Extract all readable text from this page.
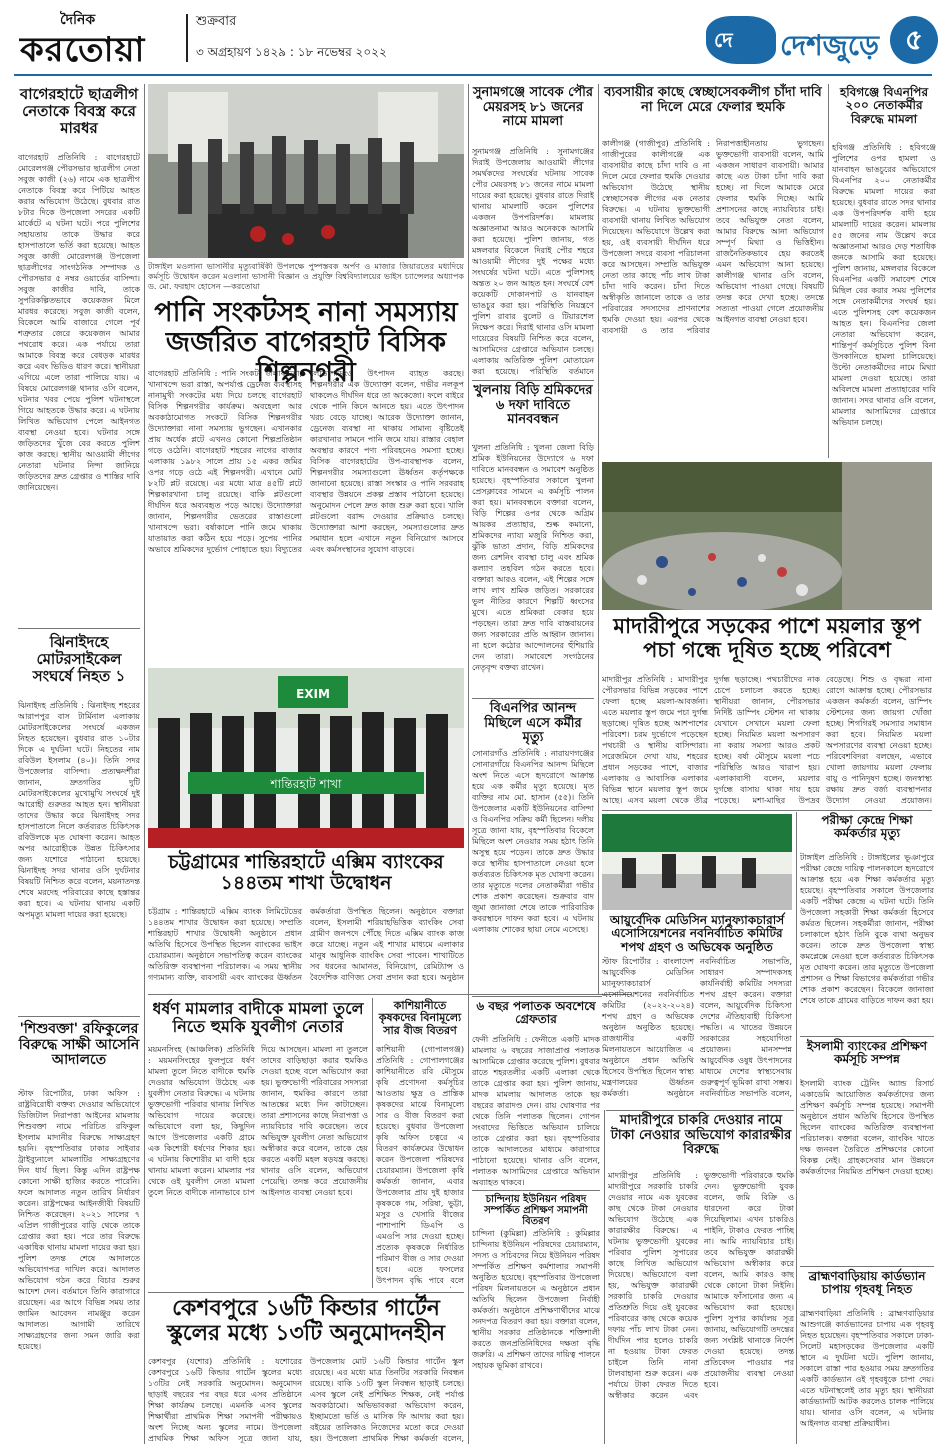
দৈনিক
করতোয়া
শুক্রবার
৩ অগ্রহায়ণ ১৪২৯ : ১৮ নভেম্বর ২০২২	দে দেশজুড়ে ৫
বাগেরহাটে ছাত্রলীগ নেতাকে বিবস্ত্র করে মারধর
বাগেরহাট প্রতিনিধি : বাগেরহাটে মোরেলগঞ্জ পৌরসভার ছাত্রলীগ নেতা সবুজ কাজী (২৬) নামে এক ছাত্রলীগ নেতাকে বিবস্ত্র করে পিটিয়ে আহত করার অভিযোগ উঠেছে। বুধবার রাত ৮টার দিকে উপজেলা সদরের একটি মার্কেটে এ ঘটনা ঘটে। পরে পুলিশের সহায়তায় তাকে উদ্ধার করে হাসপাতালে ভর্তি করা হয়েছে। আহত সবুজ কাজী মোরেলগঞ্জ উপজেলা ছাত্রলীগের সাংগঠনিক সম্পাদক ও পৌরসভার ৫ নম্বর ওয়ার্ডের বাসিন্দা। সবুজ কাজীর দাবি, তাকে সুপরিকল্পিতভাবে কয়েকজন মিলে মারধর করেছে। সবুজ কাজী বলেন, বিকেলে আমি বাজারে গেলে পূর্ব শত্রুতার জেরে কয়েকজন আমার পথরোধ করে। এক পর্যায়ে তারা আমাকে বিবস্ত্র করে বেধড়ক মারধর করে এবং ভিডিও ধারণ করে। স্থানীয়রা এগিয়ে এলে তারা পালিয়ে যায়। এ বিষয়ে মোরেলগঞ্জ থানার ওসি বলেন, ঘটনার খবর পেয়ে পুলিশ ঘটনাস্থলে গিয়ে আহতকে উদ্ধার করে। এ ঘটনায় লিখিত অভিযোগ পেলে আইনগত ব্যবস্থা নেওয়া হবে। ঘটনার সঙ্গে জড়িতদের খুঁজে বের করতে পুলিশ কাজ করছে। স্থানীয় আওয়ামী লীগের নেতারা ঘটনার নিন্দা জানিয়ে জড়িতদের দ্রুত গ্রেপ্তার ও শাস্তির দাবি জানিয়েছেন।
ঝিনাইদহে মোটরসাইকেল সংঘর্ষে নিহত ১
ঝিনাইদহ প্রতিনিধি : ঝিনাইদহ শহরের আরাপপুর বাস টার্মিনাল এলাকায় মোটরসাইকেলের সংঘর্ষে একজন নিহত হয়েছেন। বুধবার রাত ১০টার দিকে এ দুর্ঘটনা ঘটে। নিহতের নাম রবিউল ইসলাম (৪০)। তিনি সদর উপজেলার বাসিন্দা। প্রত্যক্ষদর্শীরা জানান, দ্রুতগতির দুটি মোটরসাইকেলের মুখোমুখি সংঘর্ষে দুই আরোহী গুরুতর আহত হন। স্থানীয়রা তাদের উদ্ধার করে ঝিনাইদহ সদর হাসপাতালে নিলে কর্তব্যরত চিকিৎসক রবিউলকে মৃত ঘোষণা করেন। আহত অপর আরোহীকে উন্নত চিকিৎসার জন্য যশোরে পাঠানো হয়েছে। ঝিনাইদহ সদর থানার ওসি দুর্ঘটনার বিষয়টি নিশ্চিত করে বলেন, ময়নাতদন্ত শেষে মরদেহ পরিবারের কাছে হস্তান্তর করা হবে। এ ঘটনায় থানায় একটি অপমৃত্যু মামলা দায়ের করা হয়েছে।
'শিশুবক্তা' রফিকুলের বিরুদ্ধে সাক্ষী আসেনি আদালতে
স্টাফ রিপোর্টার, ঢাকা অফিস : রাষ্ট্রবিরোধী বক্তব্য দেওয়ার অভিযোগে ডিজিটাল নিরাপত্তা আইনের মামলায় শিশুবক্তা নামে পরিচিত রফিকুল ইসলাম মাদানীর বিরুদ্ধে সাক্ষ্যগ্রহণ হয়নি। বৃহস্পতিবার ঢাকার সাইবার ট্রাইব্যুনালে মামলাটির সাক্ষ্যগ্রহণের দিন ধার্য ছিল। কিন্তু এদিন রাষ্ট্রপক্ষ কোনো সাক্ষী হাজির করতে পারেনি। ফলে আদালত নতুন তারিখ নির্ধারণ করেন। রাষ্ট্রপক্ষের আইনজীবী বিষয়টি নিশ্চিত করেছেন। ২০২১ সালের ৭ এপ্রিল গাজীপুরের বাড়ি থেকে তাকে গ্রেপ্তার করা হয়। পরে তার বিরুদ্ধে একাধিক থানায় মামলা দায়ের করা হয়। পুলিশ তদন্ত শেষে আদালতে অভিযোগপত্র দাখিল করে। আদালত অভিযোগ গঠন করে বিচার শুরুর আদেশ দেন। বর্তমানে তিনি কারাগারে রয়েছেন। এর আগে বিভিন্ন সময় তার জামিন আবেদন নামঞ্জুর করেন আদালত। আগামী তারিখে সাক্ষ্যগ্রহণের জন্য সমন জারি করা হয়েছে।
টাঙ্গাইল মওলানা ভাসানীর মৃত্যুবার্ষিকী উপলক্ষে পুষ্পস্তবক অর্পণ ও মাজার জিয়ারতের মধ্যদিয়ে কর্মসূচি উদ্বোধন করেন মওলানা ভাসানী বিজ্ঞান ও প্রযুক্তি বিশ্ববিদ্যালয়ের ভাইস চ্যান্সেলর অধ্যাপক ড. মো. ফরহাদ হোসেন —করতোয়া
পানি সংকটসহ নানা সমস্যায় জর্জরিত বাগেরহাট বিসিক শিল্পনগরী
বাগেরহাট প্রতিনিধি : পানি সংকট, জলাবদ্ধতা, খানাখন্দে ভরা রাস্তা, অপর্যাপ্ত ড্রেনেজ ব্যবস্থাসহ নানামুখী সংকটের মধ্য দিয়ে চলছে বাগেরহাট বিসিক শিল্পনগরীর কার্যক্রম। অবহেলা আর অবকাঠামোগত সংকটে বিসিক শিল্পনগরীর উদ্যোক্তারা নানা সমস্যায় ভুগছেন। এখানকার প্রায় অর্ধেক প্লটে এখনও কোনো শিল্পপ্রতিষ্ঠান গড়ে ওঠেনি। বাগেরহাট শহরের নাগের বাজার এলাকায় ১৯৮২ সালে প্রায় ১৫ একর জমির ওপর গড়ে ওঠে এই শিল্পনগরী। এখানে মোট ৮২টি প্লট রয়েছে। এর মধ্যে মাত্র ৪৫টি প্লটে শিল্পকারখানা চালু রয়েছে। বাকি প্লটগুলো দীর্ঘদিন ধরে অব্যবহৃত পড়ে আছে। উদ্যোক্তারা জানান, শিল্পনগরীর ভেতরের রাস্তাগুলো খানাখন্দে ভরা। বর্ষাকালে পানি জমে থাকায় যাতায়াত করা কঠিন হয়ে পড়ে। সুপেয় পানির অভাবে শ্রমিকদের দুর্ভোগ পোহাতে হয়। বিদ্যুতের লোডশেডিংও উৎপাদন ব্যাহত করছে। শিল্পনগরীর এক উদ্যোক্তা বলেন, গভীর নলকূপ থাকলেও দীর্ঘদিন ধরে তা অকেজো। ফলে বাইরে থেকে পানি কিনে আনতে হয়। এতে উৎপাদন খরচ বেড়ে যাচ্ছে। আরেক উদ্যোক্তা জানান, ড্রেনেজ ব্যবস্থা না থাকায় সামান্য বৃষ্টিতেই কারখানার সামনে পানি জমে যায়। রাস্তার বেহাল অবস্থার কারণে পণ্য পরিবহনেও সমস্যা হচ্ছে। বিসিক বাগেরহাটের উপ-ব্যবস্থাপক বলেন, শিল্পনগরীর সমস্যাগুলো ঊর্ধ্বতন কর্তৃপক্ষকে জানানো হয়েছে। রাস্তা সংস্কার ও পানি সরবরাহ ব্যবস্থার উন্নয়নে প্রকল্প প্রস্তাব পাঠানো হয়েছে। অনুমোদন পেলে দ্রুত কাজ শুরু করা হবে। খালি প্লটগুলো বরাদ্দ দেওয়ার প্রক্রিয়াও চলছে। উদ্যোক্তারা আশা করছেন, সমস্যাগুলোর দ্রুত সমাধান হলে এখানে নতুন বিনিয়োগ আসবে এবং কর্মসংস্থানের সুযোগ বাড়বে।
EXIM
শান্তিরহাট শাখা
চট্টগ্রামের শান্তিরহাটে এক্সিম ব্যাংকের ১৪৪তম শাখা উদ্বোধন
চট্টগ্রাম : শান্তিরহাটে এক্সিম ব্যাংক লিমিটেডের ১৪৪তম শাখার উদ্বোধন করা হয়েছে। সম্প্রতি শান্তিরহাট শাখার উদ্বোধনী অনুষ্ঠানে প্রধান অতিথি হিসেবে উপস্থিত ছিলেন ব্যাংকের ভাইস চেয়ারম্যান। অনুষ্ঠানে সভাপতিত্ব করেন ব্যাংকের অতিরিক্ত ব্যবস্থাপনা পরিচালক। এ সময় স্থানীয় গণ্যমান্য ব্যক্তি, ব্যবসায়ী এবং ব্যাংকের ঊর্ধ্বতন কর্মকর্তারা উপস্থিত ছিলেন। অনুষ্ঠানে বক্তারা বলেন, ইসলামী শরিয়াহভিত্তিক ব্যাংকিং সেবা গ্রামীণ জনপদে পৌঁছে দিতে এক্সিম ব্যাংক কাজ করে যাচ্ছে। নতুন এই শাখার মাধ্যমে এলাকার মানুষ আধুনিক ব্যাংকিং সেবা পাবেন। শাখাটিতে সব ধরনের আমানত, বিনিয়োগ, রেমিট্যান্স ও বৈদেশিক বাণিজ্য সেবা প্রদান করা হবে। অনুষ্ঠান
ধর্ষণ মামলার বাদীকে মামলা তুলে নিতে হুমকি যুবলীগ নেতার
ময়মনসিংহ (আঞ্চলিক) প্রতিনিধি : ময়মনসিংহের ফুলপুরে ধর্ষণ মামলা তুলে নিতে বাদীকে হুমকি দেওয়ার অভিযোগ উঠেছে এক যুবলীগ নেতার বিরুদ্ধে। এ ঘটনায় ভুক্তভোগী পরিবার থানায় লিখিত অভিযোগ দায়ের করেছে। অভিযোগে বলা হয়, কিছুদিন আগে উপজেলার একটি গ্রামে এক কিশোরী ধর্ষণের শিকার হয়। এ ঘটনায় কিশোরীর মা বাদী হয়ে থানায় মামলা করেন। মামলার পর থেকে ওই যুবলীগ নেতা মামলা তুলে নিতে বাদীকে নানাভাবে চাপ দিয়ে আসছেন। মামলা না তুললে তাদের বাড়িছাড়া করার হুমকিও দেওয়া হচ্ছে বলে অভিযোগ করা হয়। ভুক্তভোগী পরিবারের সদস্যরা জানান, হুমকির কারণে তারা আতঙ্কের মধ্যে দিন কাটাচ্ছেন। তারা প্রশাসনের কাছে নিরাপত্তা ও ন্যায়বিচার দাবি করেছেন। তবে অভিযুক্ত যুবলীগ নেতা অভিযোগ অস্বীকার করে বলেন, তাকে হেয় করতে একটি মহল ষড়যন্ত্র করছে। থানার ওসি বলেন, অভিযোগ পেয়েছি। তদন্ত করে প্রয়োজনীয় আইনগত ব্যবস্থা নেওয়া হবে।
কাশিয়ানীতে কৃষকদের বিনামূল্যে সার বীজ বিতরণ
কাশিয়ানী (গোপালগঞ্জ) প্রতিনিধি : গোপালগঞ্জের কাশিয়ানীতে রবি মৌসুমে কৃষি প্রণোদনা কর্মসূচির আওতায় ক্ষুদ্র ও প্রান্তিক কৃষকদের মাঝে বিনামূল্যে সার ও বীজ বিতরণ করা হয়েছে। বুধবার উপজেলা কৃষি অফিস চত্বরে এ বিতরণ কার্যক্রমের উদ্বোধন করেন উপজেলা পরিষদের চেয়ারম্যান। উপজেলা কৃষি কর্মকর্তা জানান, এবার উপজেলার প্রায় দুই হাজার কৃষককে গম, সরিষা, ভুট্টা, মসুর ও খেসারি বীজের পাশাপাশি ডিএপি ও এমওপি সার দেওয়া হচ্ছে। প্রত্যেক কৃষককে নির্ধারিত পরিমাণ বীজ ও সার দেওয়া হবে। এতে ফসলের উৎপাদন বৃদ্ধি পাবে বলে
কেশবপুরে ১৬টি কিন্ডার গার্টেন স্কুলের মধ্যে ১৩টি অনুমোদনহীন
কেশবপুর (যশোর) প্রতিনিধি : যশোরের কেশবপুরে ১৬টি কিন্ডার গার্টেন স্কুলের মধ্যে ১৩টির নেই সরকারি অনুমোদন। অনুমোদন ছাড়াই বছরের পর বছর ধরে এসব প্রতিষ্ঠানে শিক্ষা কার্যক্রম চলছে। এমনকি এসব স্কুলের শিক্ষার্থীরা প্রাথমিক শিক্ষা সমাপনী পরীক্ষায়ও অংশ নিচ্ছে অন্য স্কুলের নামে। উপজেলা প্রাথমিক শিক্ষা অফিস সূত্রে জানা যায়, উপজেলায় মোট ১৬টি কিন্ডার গার্টেন স্কুল রয়েছে। এর মধ্যে মাত্র তিনটির সরকারি নিবন্ধন রয়েছে। বাকি ১৩টি স্কুল নিবন্ধন ছাড়াই চলছে। এসব স্কুলে নেই প্রশিক্ষিত শিক্ষক, নেই পর্যাপ্ত অবকাঠামো। অভিভাবকরা অভিযোগ করেন, ইচ্ছামতো ভর্তি ও মাসিক ফি আদায় করা হয়। বইয়ের তালিকাও নিজেদের মতো করে দেওয়া হয়। উপজেলা প্রাথমিক শিক্ষা কর্মকর্তা বলেন,
সুনামগঞ্জে সাবেক পৌর মেয়রসহ ৮১ জনের নামে মামলা
সুনামগঞ্জ প্রতিনিধি : সুনামগঞ্জের দিরাই উপজেলায় আওয়ামী লীগের সমর্থকদের সংঘর্ষের ঘটনায় সাবেক পৌর মেয়রসহ ৮১ জনের নামে মামলা দায়ের করা হয়েছে। বুধবার রাতে দিরাই থানায় মামলাটি করেন পুলিশের একজন উপপরিদর্শক। মামলায় অজ্ঞাতনামা আরও অনেককে আসামি করা হয়েছে। পুলিশ জানায়, গত মঙ্গলবার বিকেলে দিরাই পৌর শহরে আওয়ামী লীগের দুই পক্ষের মধ্যে সংঘর্ষের ঘটনা ঘটে। এতে পুলিশসহ অন্তত ২০ জন আহত হন। সংঘর্ষে বেশ কয়েকটি দোকানপাট ও যানবাহন ভাঙচুর করা হয়। পরিস্থিতি নিয়ন্ত্রণে পুলিশ রাবার বুলেট ও টিয়ারশেল নিক্ষেপ করে। দিরাই থানার ওসি মামলা দায়েরের বিষয়টি নিশ্চিত করে বলেন, আসামিদের গ্রেপ্তারে অভিযান চলছে। এলাকায় অতিরিক্ত পুলিশ মোতায়েন করা হয়েছে। পরিস্থিতি বর্তমানে
খুলনায় বিড়ি শ্রমিকদের ৬ দফা দাবিতে মানববন্ধন
খুলনা প্রতিনিধি : খুলনা জেলা বিড়ি শ্রমিক ইউনিয়নের উদ্যোগে ৬ দফা দাবিতে মানববন্ধন ও সমাবেশ অনুষ্ঠিত হয়েছে। বৃহস্পতিবার সকালে খুলনা প্রেসক্লাবের সামনে এ কর্মসূচি পালন করা হয়। মানববন্ধনে বক্তারা বলেন, বিড়ি শিল্পের ওপর থেকে অগ্রিম আয়কর প্রত্যাহার, শুল্ক কমানো, শ্রমিকদের ন্যায্য মজুরি নিশ্চিত করা, ঝুঁকি ভাতা প্রদান, বিড়ি শ্রমিকদের জন্য রেশনিং ব্যবস্থা চালু এবং শ্রমিক কল্যাণ তহবিল গঠন করতে হবে। বক্তারা আরও বলেন, এই শিল্পের সঙ্গে লাখ লাখ শ্রমিক জড়িত। সরকারের ভুল নীতির কারণে শিল্পটি ধ্বংসের মুখে। এতে শ্রমিকরা বেকার হয়ে পড়ছেন। তারা দ্রুত দাবি বাস্তবায়নের জন্য সরকারের প্রতি আহ্বান জানান। না হলে কঠোর আন্দোলনের হুঁশিয়ারি দেন তারা। সমাবেশে সংগঠনের নেতৃবৃন্দ বক্তব্য রাখেন।
বিএনপির আনন্দ মিছিলে এসে কর্মীর মৃত্যু
সোনারগাঁও প্রতিনিধি : নারায়ণগঞ্জের সোনারগাঁয়ে বিএনপির আনন্দ মিছিলে অংশ নিতে এসে হৃদরোগে আক্রান্ত হয়ে এক কর্মীর মৃত্যু হয়েছে। মৃত ব্যক্তির নাম মো. হাসান (৫৫)। তিনি উপজেলার একটি ইউনিয়নের বাসিন্দা ও বিএনপির সক্রিয় কর্মী ছিলেন। দলীয় সূত্রে জানা যায়, বৃহস্পতিবার বিকেলে মিছিলে অংশ নেওয়ার সময় হঠাৎ তিনি অসুস্থ হয়ে পড়েন। তাকে দ্রুত উদ্ধার করে স্থানীয় হাসপাতালে নেওয়া হলে কর্তব্যরত চিকিৎসক মৃত ঘোষণা করেন। তার মৃত্যুতে দলের নেতাকর্মীরা গভীর শোক প্রকাশ করেছেন। শুক্রবার বাদ জুমা জানাজা শেষে তাকে পারিবারিক কবরস্থানে দাফন করা হবে। এ ঘটনায় এলাকায় শোকের ছায়া নেমে এসেছে।
ব্যবসায়ীর কাছে স্বেচ্ছাসেবকলীগ চাঁদা দাবি না দিলে মেরে ফেলার হুমকি
কালীগঞ্জ (গাজীপুর) প্রতিনিধি : গাজীপুরের কালীগঞ্জে এক ব্যবসায়ীর কাছে চাঁদা দাবি ও না দিলে মেরে ফেলার হুমকি দেওয়ার অভিযোগ উঠেছে স্থানীয় স্বেচ্ছাসেবক লীগের এক নেতার বিরুদ্ধে। এ ঘটনায় ভুক্তভোগী ব্যবসায়ী থানায় লিখিত অভিযোগ দিয়েছেন। অভিযোগে উল্লেখ করা হয়, ওই ব্যবসায়ী দীর্ঘদিন ধরে উপজেলা সদরে ব্যবসা পরিচালনা করে আসছেন। সম্প্রতি অভিযুক্ত নেতা তার কাছে পাঁচ লাখ টাকা চাঁদা দাবি করেন। চাঁদা দিতে অস্বীকৃতি জানালে তাকে ও তার পরিবারের সদস্যদের প্রাণনাশের হুমকি দেওয়া হয়। এরপর থেকে ব্যবসায়ী ও তার পরিবার নিরাপত্তাহীনতায় ভুগছেন। ভুক্তভোগী ব্যবসায়ী বলেন, আমি একজন সাধারণ ব্যবসায়ী। আমার কাছে এত টাকা চাঁদা দাবি করা হচ্ছে। না দিলে আমাকে মেরে ফেলার হুমকি দিচ্ছে। আমি প্রশাসনের কাছে ন্যায়বিচার চাই। তবে অভিযুক্ত নেতা বলেন, আমার বিরুদ্ধে আনা অভিযোগ সম্পূর্ণ মিথ্যা ও ভিত্তিহীন। রাজনৈতিকভাবে হেয় করতেই এমন অভিযোগ আনা হয়েছে। কালীগঞ্জ থানার ওসি বলেন, অভিযোগ পাওয়া গেছে। বিষয়টি তদন্ত করে দেখা হচ্ছে। তদন্তে সত্যতা পাওয়া গেলে প্রয়োজনীয় আইনগত ব্যবস্থা নেওয়া হবে।
মাদারীপুরে সড়কের পাশে ময়লার স্তূপ পচা গন্ধে দূষিত হচ্ছে পরিবেশ
মাদারীপুর প্রতিনিধি : মাদারীপুর পৌরসভার বিভিন্ন সড়কের পাশে ফেলা হচ্ছে ময়লা-আবর্জনা। এতে ময়লার স্তূপ জমে পচা দুর্গন্ধ ছড়াচ্ছে। দূষিত হচ্ছে আশপাশের পরিবেশ। চরম দুর্ভোগে পড়েছেন পথচারী ও স্থানীয় বাসিন্দারা। সরেজমিনে দেখা যায়, শহরের প্রধান সড়কের পাশে, বাজার এলাকায় ও আবাসিক এলাকার বিভিন্ন স্থানে ময়লার স্তূপ জমে আছে। এসব ময়লা থেকে তীব্র দুর্গন্ধ ছড়াচ্ছে। পথচারীদের নাক চেপে চলাচল করতে হচ্ছে। স্থানীয়রা জানান, পৌরসভার নির্দিষ্ট ডাম্পিং স্টেশন না থাকায় যেখানে সেখানে ময়লা ফেলা হচ্ছে। নিয়মিত ময়লা অপসারণ না করায় সমস্যা আরও প্রকট হচ্ছে। বর্ষা মৌসুমে ময়লা পচে পরিস্থিতি আরও খারাপ হয়। এলাকাবাসী বলেন, ময়লার দুর্গন্ধে বাসায় থাকা দায় হয়ে পড়েছে। মশা-মাছির উপদ্রব বেড়েছে। শিশু ও বৃদ্ধরা নানা রোগে আক্রান্ত হচ্ছে। পৌরসভার একজন কর্মকর্তা বলেন, ডাম্পিং স্টেশনের জন্য জায়গা খোঁজা হচ্ছে। শিগগিরই সমস্যার সমাধান করা হবে। নিয়মিত ময়লা অপসারণের ব্যবস্থা নেওয়া হচ্ছে। পরিবেশবিদরা বলছেন, এভাবে খোলা জায়গায় ময়লা ফেলায় বায়ু ও পানিদূষণ হচ্ছে। জনস্বাস্থ্য রক্ষায় দ্রুত বর্জ্য ব্যবস্থাপনার উদ্যোগ নেওয়া প্রয়োজন।
হবিগঞ্জে বিএনপির ২০০ নেতাকর্মীর বিরুদ্ধে মামলা
হবিগঞ্জ প্রতিনিধি : হবিগঞ্জে পুলিশের ওপর হামলা ও যানবাহন ভাঙচুরের অভিযোগে বিএনপির ২০০ নেতাকর্মীর বিরুদ্ধে মামলা দায়ের করা হয়েছে। বুধবার রাতে সদর থানার এক উপপরিদর্শক বাদী হয়ে মামলাটি দায়ের করেন। মামলায় ৫৫ জনের নাম উল্লেখ করে অজ্ঞাতনামা আরও দেড় শতাধিক জনকে আসামি করা হয়েছে। পুলিশ জানায়, মঙ্গলবার বিকেলে বিএনপির একটি সমাবেশ শেষে মিছিল বের করার সময় পুলিশের সঙ্গে নেতাকর্মীদের সংঘর্ষ হয়। এতে পুলিশসহ বেশ কয়েকজন আহত হন। বিএনপির জেলা নেতারা অভিযোগ করেন, শান্তিপূর্ণ কর্মসূচিতে পুলিশ বিনা উসকানিতে হামলা চালিয়েছে। উল্টো নেতাকর্মীদের নামে মিথ্যা মামলা দেওয়া হয়েছে। তারা অবিলম্বে মামলা প্রত্যাহারের দাবি জানান। সদর থানার ওসি বলেন, মামলার আসামিদের গ্রেপ্তারে অভিযান চলছে।
আয়ুর্বেদিক মেডিসিন ম্যানুফ্যাকচারার্স এসোসিয়েশনের নবনির্বাচিত কমিটির শপথ গ্রহণ ও অভিষেক অনুষ্ঠিত
স্টাফ রিপোর্টার : বাংলাদেশ আয়ুর্বেদিক মেডিসিন ম্যানুফ্যাকচারার্স এসোসিয়েশনের নবনির্বাচিত কমিটির (২০২২-২০২৪) শপথ গ্রহণ ও অভিষেক অনুষ্ঠান অনুষ্ঠিত হয়েছে। রাজধানীর একটি মিলনায়তনে আয়োজিত এ অনুষ্ঠানে প্রধান অতিথি হিসেবে উপস্থিত ছিলেন স্বাস্থ্য মন্ত্রণালয়ের ঊর্ধ্বতন কর্মকর্তা। অনুষ্ঠানে নবনির্বাচিত সভাপতি, সাধারণ সম্পাদকসহ কার্যনির্বাহী কমিটির সদস্যরা শপথ গ্রহণ করেন। বক্তারা বলেন, আয়ুর্বেদিক চিকিৎসা দেশের ঐতিহ্যবাহী চিকিৎসা পদ্ধতি। এ খাতের উন্নয়নে সরকারের সহযোগিতা প্রয়োজন। মানসম্পন্ন আয়ুর্বেদিক ওষুধ উৎপাদনের মাধ্যমে দেশের স্বাস্থ্যসেবায় গুরুত্বপূর্ণ ভূমিকা রাখা সম্ভব। নবনির্বাচিত সভাপতি বলেন,
৬ বছর পলাতক অবশেষে গ্রেফতার
ফেনী প্রতিনিধি : ফেনীতে একটি মাদক মামলায় ৬ বছরের সাজাপ্রাপ্ত পলাতক আসামিকে গ্রেপ্তার করেছে পুলিশ। বুধবার রাতে শহরতলীর একটি এলাকা থেকে তাকে গ্রেপ্তার করা হয়। পুলিশ জানায়, মাদক মামলায় আদালত তাকে ছয় বছরের কারাদণ্ড দেন। রায় ঘোষণার পর থেকে তিনি পলাতক ছিলেন। গোপন সংবাদের ভিত্তিতে অভিযান চালিয়ে তাকে গ্রেপ্তার করা হয়। বৃহস্পতিবার তাকে আদালতের মাধ্যমে কারাগারে পাঠানো হয়েছে। থানার ওসি বলেন, পলাতক আসামিদের গ্রেপ্তারে অভিযান অব্যাহত থাকবে।
চান্দিনায় ইউনিয়ন পরিষদ সম্পর্কিত প্রশিক্ষণ সমাপনী বিতরণ
চান্দিনা (কুমিল্লা) প্রতিনিধি : কুমিল্লার চান্দিনায় ইউনিয়ন পরিষদের চেয়ারম্যান, সদস্য ও সচিবদের নিয়ে ইউনিয়ন পরিষদ সম্পর্কিত প্রশিক্ষণ কর্মশালার সমাপনী অনুষ্ঠিত হয়েছে। বৃহস্পতিবার উপজেলা পরিষদ মিলনায়তনে এ অনুষ্ঠানে প্রধান অতিথি ছিলেন উপজেলা নির্বাহী কর্মকর্তা। অনুষ্ঠানে প্রশিক্ষণার্থীদের মাঝে সনদপত্র বিতরণ করা হয়। বক্তারা বলেন, স্থানীয় সরকার প্রতিষ্ঠানকে শক্তিশালী করতে জনপ্রতিনিধিদের দক্ষতা বৃদ্ধি জরুরি। এ প্রশিক্ষণ তাদের দায়িত্ব পালনে সহায়ক ভূমিকা রাখবে।
মাদারীপুরে চাকরি দেওয়ার নামে টাকা নেওয়ার অভিযোগ কারারক্ষীর বিরুদ্ধে
মাদারীপুর প্রতিনিধি : মাদারীপুরে সরকারি চাকরি দেওয়ার নামে এক যুবকের কাছ থেকে টাকা নেওয়ার অভিযোগ উঠেছে এক কারারক্ষীর বিরুদ্ধে। এ ঘটনায় ভুক্তভোগী যুবকের পরিবার পুলিশ সুপারের কাছে লিখিত অভিযোগ দিয়েছে। অভিযোগে বলা হয়, অভিযুক্ত কারারক্ষী সরকারি চাকরি দেওয়ার প্রতিশ্রুতি দিয়ে ওই যুবকের পরিবারের কাছ থেকে কয়েক দফায় পাঁচ লাখ টাকা নেন। দীর্ঘদিন পার হলেও চাকরি না হওয়ায় টাকা ফেরত চাইলে তিনি নানা টালবাহানা শুরু করেন। এক পর্যায়ে টাকা ফেরত দিতে অস্বীকার করেন এবং ভুক্তভোগী পরিবারকে হুমকি দেন। ভুক্তভোগী যুবক বলেন, জমি বিক্রি ও ধারদেনা করে টাকা দিয়েছিলাম। এখন চাকরিও পাইনি, টাকাও ফেরত পাচ্ছি না। আমি ন্যায়বিচার চাই। তবে অভিযুক্ত কারারক্ষী অভিযোগ অস্বীকার করে বলেন, আমি কারও কাছ থেকে কোনো টাকা নিইনি। আমাকে ফাঁসানোর জন্য এ অভিযোগ করা হয়েছে। পুলিশ সুপার কার্যালয় সূত্র জানায়, অভিযোগটি তদন্তের জন্য সংশ্লিষ্ট থানাকে নির্দেশ দেওয়া হয়েছে। তদন্ত প্রতিবেদন পাওয়ার পর প্রয়োজনীয় ব্যবস্থা নেওয়া হবে।
পরীক্ষা কেন্দ্রে শিক্ষা কর্মকর্তার মৃত্যু
টাঙ্গাইল প্রতিনিধি : টাঙ্গাইলের ভূঞাপুরে পরীক্ষা কেন্দ্রে দায়িত্ব পালনকালে হৃদরোগে আক্রান্ত হয়ে এক শিক্ষা কর্মকর্তার মৃত্যু হয়েছে। বৃহস্পতিবার সকালে উপজেলার একটি পরীক্ষা কেন্দ্রে এ ঘটনা ঘটে। তিনি উপজেলা সহকারী শিক্ষা কর্মকর্তা হিসেবে কর্মরত ছিলেন। সহকর্মীরা জানান, পরীক্ষা চলাকালে হঠাৎ তিনি বুকে ব্যথা অনুভব করেন। তাকে দ্রুত উপজেলা স্বাস্থ্য কমপ্লেক্সে নেওয়া হলে কর্তব্যরত চিকিৎসক মৃত ঘোষণা করেন। তার মৃত্যুতে উপজেলা প্রশাসন ও শিক্ষা বিভাগের কর্মকর্তারা গভীর শোক প্রকাশ করেছেন। বিকেলে জানাজা শেষে তাকে গ্রামের বাড়িতে দাফন করা হয়।
ইসলামী ব্যাংকের প্রশিক্ষণ কর্মসূচি সম্পন্ন
ইসলামী ব্যাংক ট্রেনিং অ্যান্ড রিসার্চ একাডেমি আয়োজিত কর্মকর্তাদের জন্য প্রশিক্ষণ কর্মসূচি সম্পন্ন হয়েছে। সমাপনী অনুষ্ঠানে প্রধান অতিথি হিসেবে উপস্থিত ছিলেন ব্যাংকের অতিরিক্ত ব্যবস্থাপনা পরিচালক। বক্তারা বলেন, ব্যাংকিং খাতে দক্ষ জনবল তৈরিতে প্রশিক্ষণের কোনো বিকল্প নেই। গ্রাহকসেবার মান উন্নয়নে কর্মকর্তাদের নিয়মিত প্রশিক্ষণ দেওয়া হচ্ছে।
ব্রাহ্মণবাড়িয়ায় কার্ডভ্যান চাপায় গৃহবধূ নিহত
ব্রাহ্মণবাড়িয়া প্রতিনিধি : ব্রাহ্মণবাড়িয়ার আশুগঞ্জে কার্ডভ্যানের চাপায় এক গৃহবধূ নিহত হয়েছেন। বৃহস্পতিবার সকালে ঢাকা-সিলেট মহাসড়কের উপজেলার একটি স্থানে এ দুর্ঘটনা ঘটে। পুলিশ জানায়, সকালে রাস্তা পার হওয়ার সময় দ্রুতগতির একটি কার্ডভ্যান ওই গৃহবধূকে চাপা দেয়। এতে ঘটনাস্থলেই তার মৃত্যু হয়। স্থানীয়রা কার্ডভ্যানটি আটক করলেও চালক পালিয়ে যায়। থানার ওসি বলেন, এ ঘটনায় আইনগত ব্যবস্থা প্রক্রিয়াধীন।
